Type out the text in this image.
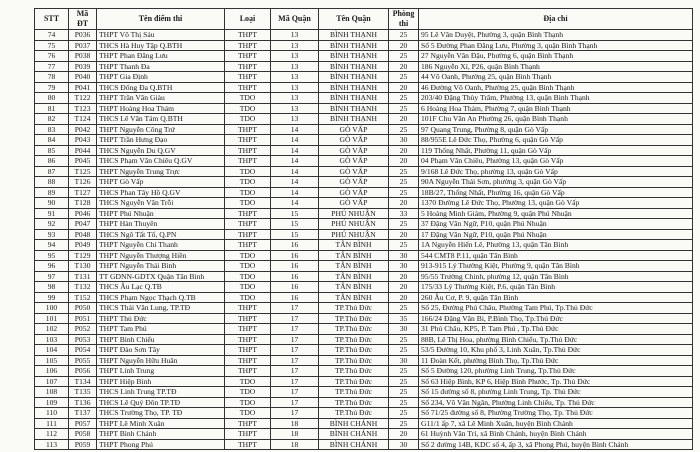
STT	Mã ĐT	Tên điểm thi	Loại	Mã Quận	Tên Quận	Phòng thi	Địa chỉ

74	P036	THPT Võ Thị Sáu	THPT	13	BÌNH THẠNH	25	95 Lê Văn Duyệt, Phường 3, quận Bình Thạnh
75	P037	THCS Hà Huy Tập Q.BTH	THPT	13	BÌNH THẠNH	20	Số 5 Đường Phan Đăng Lưu, Phường 3, quận Bình Thạnh
76	P038	THPT Phan Đăng Lưu	THPT	13	BÌNH THẠNH	25	27 Nguyễn Văn Đậu, Phường 6, quận Bình Thạnh
77	P039	THPT Thanh Đa	THPT	13	BÌNH THẠNH	20	186 Nguyễn Xí, P26, quận Bình Thạnh
78	P040	THPT Gia Định	THPT	13	BÌNH THẠNH	25	44 Võ Oanh, Phường 25, quận Bình Thạnh
79	P041	THCS Đống Đa Q.BTH	THPT	13	BÌNH THẠNH	20	46 Đường Võ Oanh, Phường 25, quận Bình Thạnh
80	T122	THPT Trần Văn Giàu	TDO	13	BÌNH THẠNH	25	203/40 Đặng Thùy Trâm, Phường 13, quận Bình Thạnh
81	T123	THPT Hoàng Hoa Thám	TDO	13	BÌNH THẠNH	25	6 Hoàng Hoa Thám, Phường 7, quận Bình Thạnh
82	T124	THCS Lê Văn Tám Q.BTH	TDO	13	BÌNH THẠNH	20	101F Chu Văn An Phường 26, quận Bình Thạnh
83	P042	THPT Nguyễn Công Trứ	THPT	14	GÒ VẤP	25	97 Quang Trung, Phường 8, quận Gò Vấp
84	P043	THPT Trần Hưng Đạo	THPT	14	GÒ VẤP	30	88/955E Lê Đức Thọ, Phường 6, quận Gò Vấp
85	P044	THCS Nguyễn Du Q.GV	THPT	14	GÒ VẤP	20	119 Thống Nhất, Phường 11, quận Gò Vấp
86	P045	THCS Phạm Văn Chiêu Q.GV	THPT	14	GÒ VẤP	20	04 Phạm Văn Chiêu, Phường 13, quận Gò Vấp
87	T125	THPT Nguyễn Trung Trực	TDO	14	GÒ VẤP	25	9/168 Lê Đức Thọ, phường 13, quận Gò Vấp
88	T126	THPT Gò Vấp	TDO	14	GÒ VẤP	25	90A Nguyễn Thái Sơn, phường 3, quận Gò Vấp
89	T127	THCS Phan Tây Hồ Q.GV	TDO	14	GÒ VẤP	25	18B/27, Thống Nhất, Phường 16, quận Gò Vấp
90	T128	THCS Nguyễn Văn Trỗi	TDO	14	GÒ VẤP	20	1370 Đường Lê Đức Thọ, Phường 13, quận Gò Vấp
91	P046	THPT Phú Nhuận	THPT	15	PHÚ NHUẬN	33	5 Hoàng Minh Giám, Phường 9, quận Phú Nhuận
92	P047	THPT Hàn Thuyên	THPT	15	PHÚ NHUẬN	25	37 Đặng Văn Ngữ, P10, quận Phú Nhuận
93	P048	THCS Ngô Tất Tố, Q.PN	THPT	15	PHÚ NHUẬN	20	17 Đặng Văn Ngữ, P10, quận Phú Nhuận
94	P049	THPT Nguyễn Chí Thanh	THPT	16	TÂN BÌNH	25	1A Nguyễn Hiến Lê, Phường 13, quận Tân Bình
95	T129	THPT Nguyễn Thượng Hiền	TDO	16	TÂN BÌNH	30	544 CMT8 P.11, quận Tân Bình
96	T130	THPT Nguyễn Thái Bình	TDO	16	TÂN BÌNH	30	913-915 Lý Thường Kiệt, Phường 9, quận Tân Bình
97	T131	TT GDNN-GDTX Quận Tân Bình	TDO	16	TÂN BÌNH	20	95/55 Trường Chinh, phường 12, quận Tân Bình
98	T132	THCS Âu Lạc Q.TB	TDO	16	TÂN BÌNH	20	175/33 Lý Thường Kiệt, P.6, quận Tân Bình
99	T152	THCS Phạm Ngọc Thạch Q.TB	TDO	16	TÂN BÌNH	20	260 Âu Cơ, P. 9, quận Tân Bình
100	P050	THCS Thái Văn Lung, TP.TĐ	THPT	17	TP.Thủ Đức	25	Số 25, Đường Phú Châu, Phường Tam Phú, Tp.Thủ Đức
101	P051	THPT Thủ Đức	THPT	17	TP.Thủ Đức	35	166/24 Đặng Văn Bi, P.Bình Thọ, Tp.Thủ Đức
102	P052	THPT Tam Phú	THPT	17	TP.Thủ Đức	30	31 Phú Châu, KP5, P. Tam Phú , Tp.Thủ Đức
103	P053	THPT Bình Chiểu	THPT	17	TP.Thủ Đức	25	88B, Lê Thị Hoa, phường Bình Chiểu, Tp.Thủ Đức
104	P054	THPT Đào Sơn Tây	THPT	17	TP.Thủ Đức	25	53/5 Đường 10, Khu phố 3, Linh Xuân, Tp.Thủ Đức
105	P055	THPT Nguyễn Hữu Huân	THPT	17	TP.Thủ Đức	30	11 Đoàn Kết, phường Bình Thọ, Tp.Thủ Đức
106	P056	THPT Linh Trung	THPT	17	TP.Thủ Đức	25	Số 5 Đường 120, phường Linh Trung, Tp.Thủ Đức
107	T134	THPT Hiệp Bình	TDO	17	TP.Thủ Đức	25	Số 63 Hiệp Bình, KP 6, Hiệp Bình Phước, Tp. Thủ Đức
108	T135	THCS Linh Trung TP.TĐ	TDO	17	TP.Thủ Đức	25	Số 15 đường số 8, phường Linh Trung, Tp. Thủ Đức
109	T136	THCS Lê Quý Đôn TP.TĐ	TDO	17	TP.Thủ Đức	25	Số 234, Võ Văn Ngân, Phường Linh Chiểu, Tp. Thủ Đức
110	T137	THCS Trường Thọ, TP. TĐ	TDO	17	TP.Thủ Đức	25	Số 71/25 đường số 8, Phường Trường Thọ, Tp. Thủ Đức
111	P057	THPT Lê Minh Xuân	THPT	18	BÌNH CHÁNH	25	G11/1 ấp 7, xã Lê Minh Xuân, huyện Bình Chánh
112	P058	THPT Bình Chánh	THPT	18	BÌNH CHÁNH	20	61 Huỳnh Văn Trí, xã Bình Chánh, huyện Bình Chánh
113	P059	THPT Phong Phú	THPT	18	BÌNH CHÁNH	30	Số 2 đường 14B, KDC số 4, ấp 3, xã Phong Phú, huyện Bình Chánh
